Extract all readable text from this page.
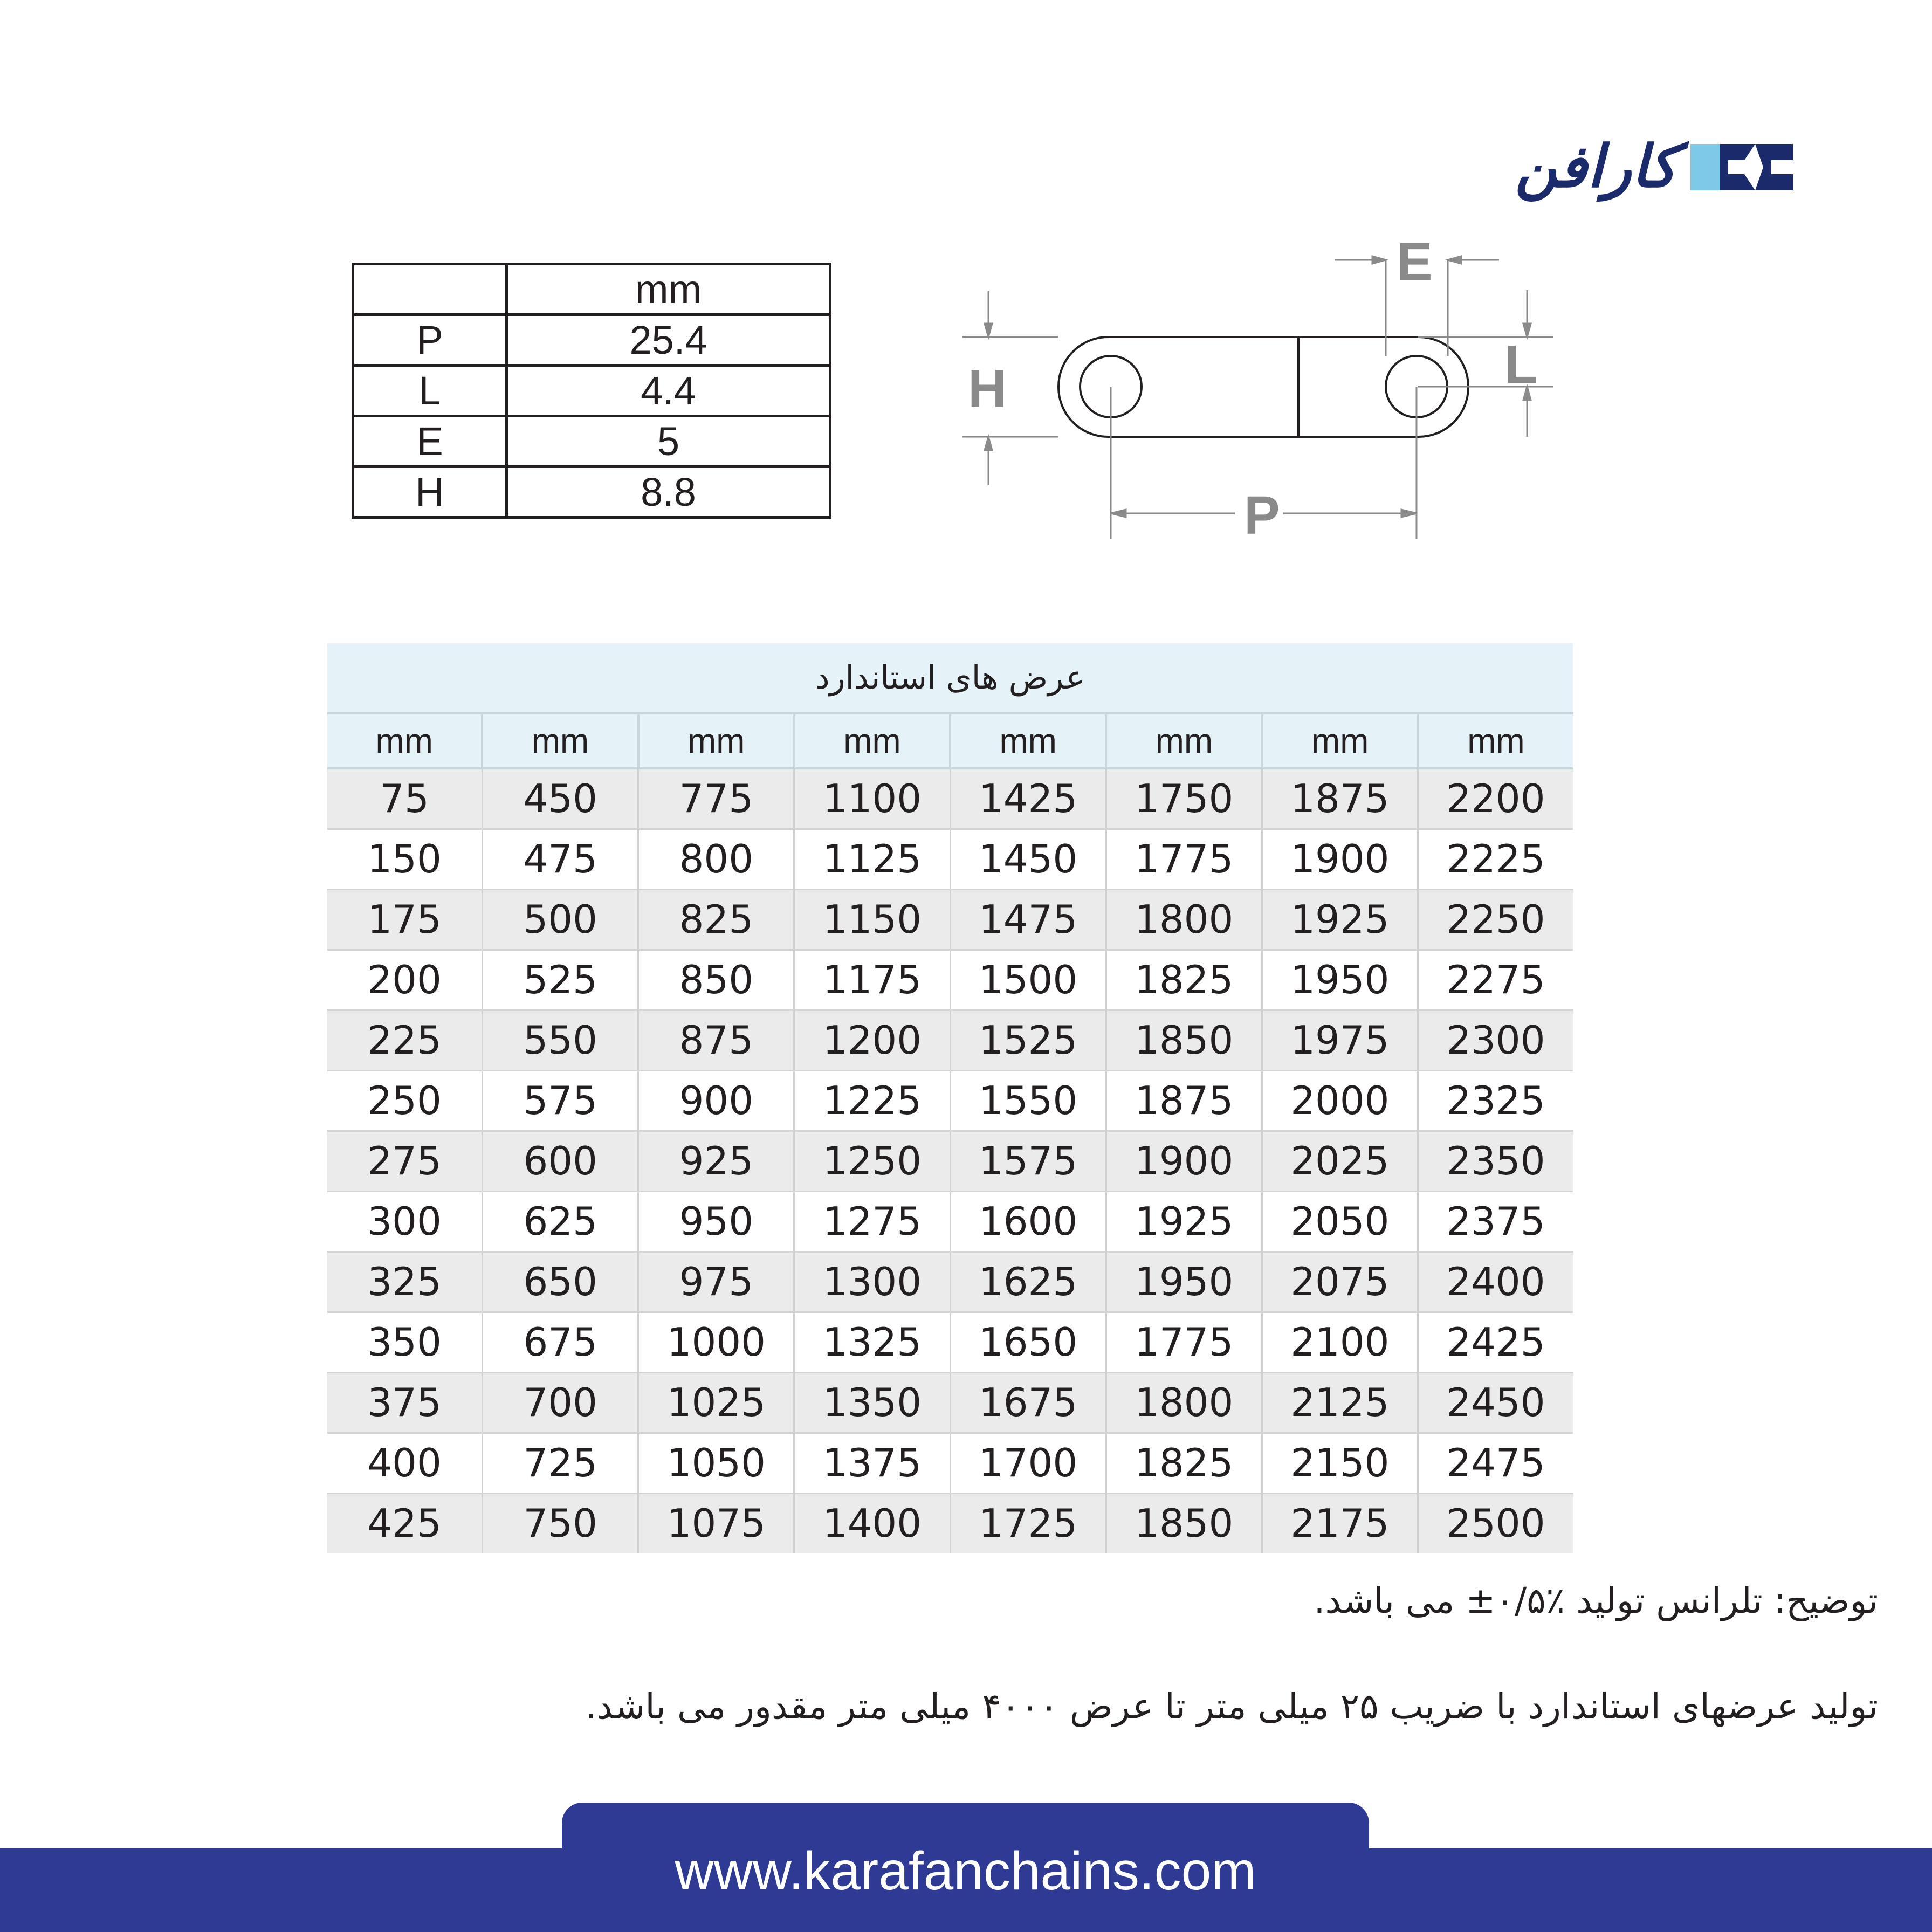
کارافن
	mm
P	25.4
L	4.4
E	5
H	8.8
H
P
E
L
عرض های استاندارد
mm	mm	mm	mm	mm	mm	mm	mm
75	450	775	1100	1425	1750	1875	2200
150	475	800	1125	1450	1775	1900	2225
175	500	825	1150	1475	1800	1925	2250
200	525	850	1175	1500	1825	1950	2275
225	550	875	1200	1525	1850	1975	2300
250	575	900	1225	1550	1875	2000	2325
275	600	925	1250	1575	1900	2025	2350
300	625	950	1275	1600	1925	2050	2375
325	650	975	1300	1625	1950	2075	2400
350	675	1000	1325	1650	1775	2100	2425
375	700	1025	1350	1675	1800	2125	2450
400	725	1050	1375	1700	1825	2150	2475
425	750	1075	1400	1725	1850	2175	2500
توضیح: تلرانس تولید ٪۰/۵± می باشد.
تولید عرضهای استاندارد با ضریب ۲۵ میلی متر تا عرض ۴۰۰۰ میلی متر مقدور می باشد.
www.karafanchains.com
